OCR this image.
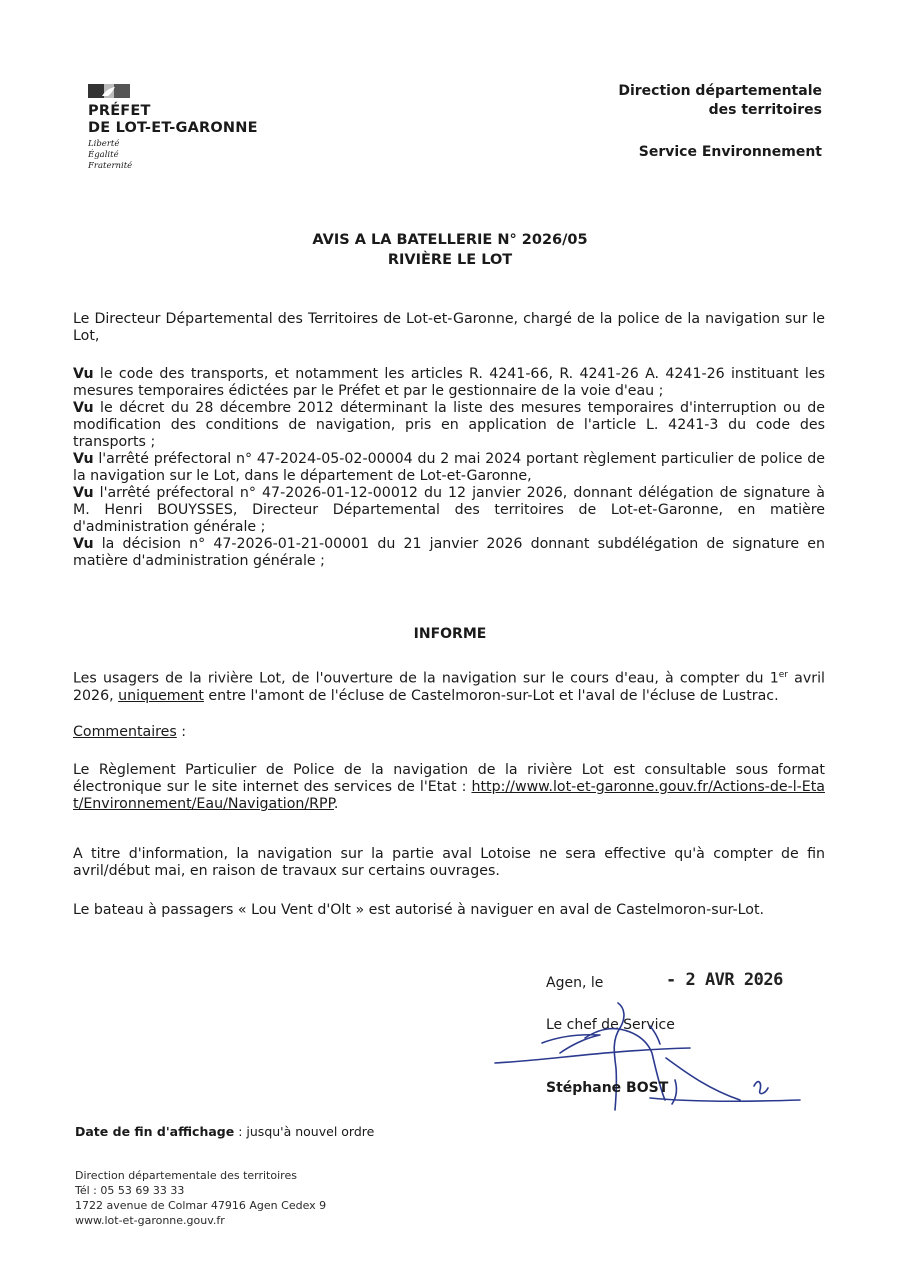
PRÉFET
DE LOT-ET-GARONNE
Liberté
Égalité
Fraternité
Direction départementale
des territoires
Service Environnement
AVIS A LA BATELLERIE N° 2026/05
RIVIÈRE LE LOT
Le Directeur Départemental des Territoires de Lot-et-Garonne, chargé de la police de la navigation sur le Lot,

Vu le code des transports, et notamment les articles R. 4241-66, R. 4241-26 A. 4241-26 instituant les mesures temporaires édictées par le Préfet et par le gestionnaire de la voie d'eau ;

Vu le décret du 28 décembre 2012 déterminant la liste des mesures temporaires d'interruption ou de modification des conditions de navigation, pris en application de l'article L. 4241-3 du code des transports ;

Vu l'arrêté préfectoral n° 47-2024-05-02-00004 du 2 mai 2024 portant règlement particulier de police de la navigation sur le Lot, dans le département de Lot-et-Garonne,

Vu l'arrêté préfectoral n° 47-2026-01-12-00012 du 12 janvier 2026, donnant délégation de signature à M. Henri BOUYSSES, Directeur Départemental des territoires de Lot-et-Garonne, en matière d'administration générale ;

Vu la décision n° 47-2026-01-21-00001 du 21 janvier 2026 donnant subdélégation de signature en matière d'administration générale ;

INFORME
Les usagers de la rivière Lot, de l'ouverture de la navigation sur le cours d'eau, à compter du 1er avril 2026, uniquement entre l'amont de l'écluse de Castelmoron-sur-Lot et l'aval de l'écluse de Lustrac.
Commentaires :
Le Règlement Particulier de Police de la navigation de la rivière Lot est consultable sous format électronique sur le site internet des services de l'Etat : http://www.lot-et-garonne.gouv.fr/Actions-de-l-Etat/Environnement/Eau/Navigation/RPP.
A titre d'information, la navigation sur la partie aval Lotoise ne sera effective qu'à compter de fin avril/début mai, en raison de travaux sur certains ouvrages.
Le bateau à passagers « Lou Vent d'Olt » est autorisé à naviguer en aval de Castelmoron-sur-Lot.
Agen, le	- 2 AVR 2026
Le chef de Service
Stéphane BOST
Date de fin d'affichage : jusqu'à nouvel ordre
Direction départementale des territoires
Tél : 05 53 69 33 33
1722 avenue de Colmar 47916 Agen Cedex 9
www.lot-et-garonne.gouv.fr
